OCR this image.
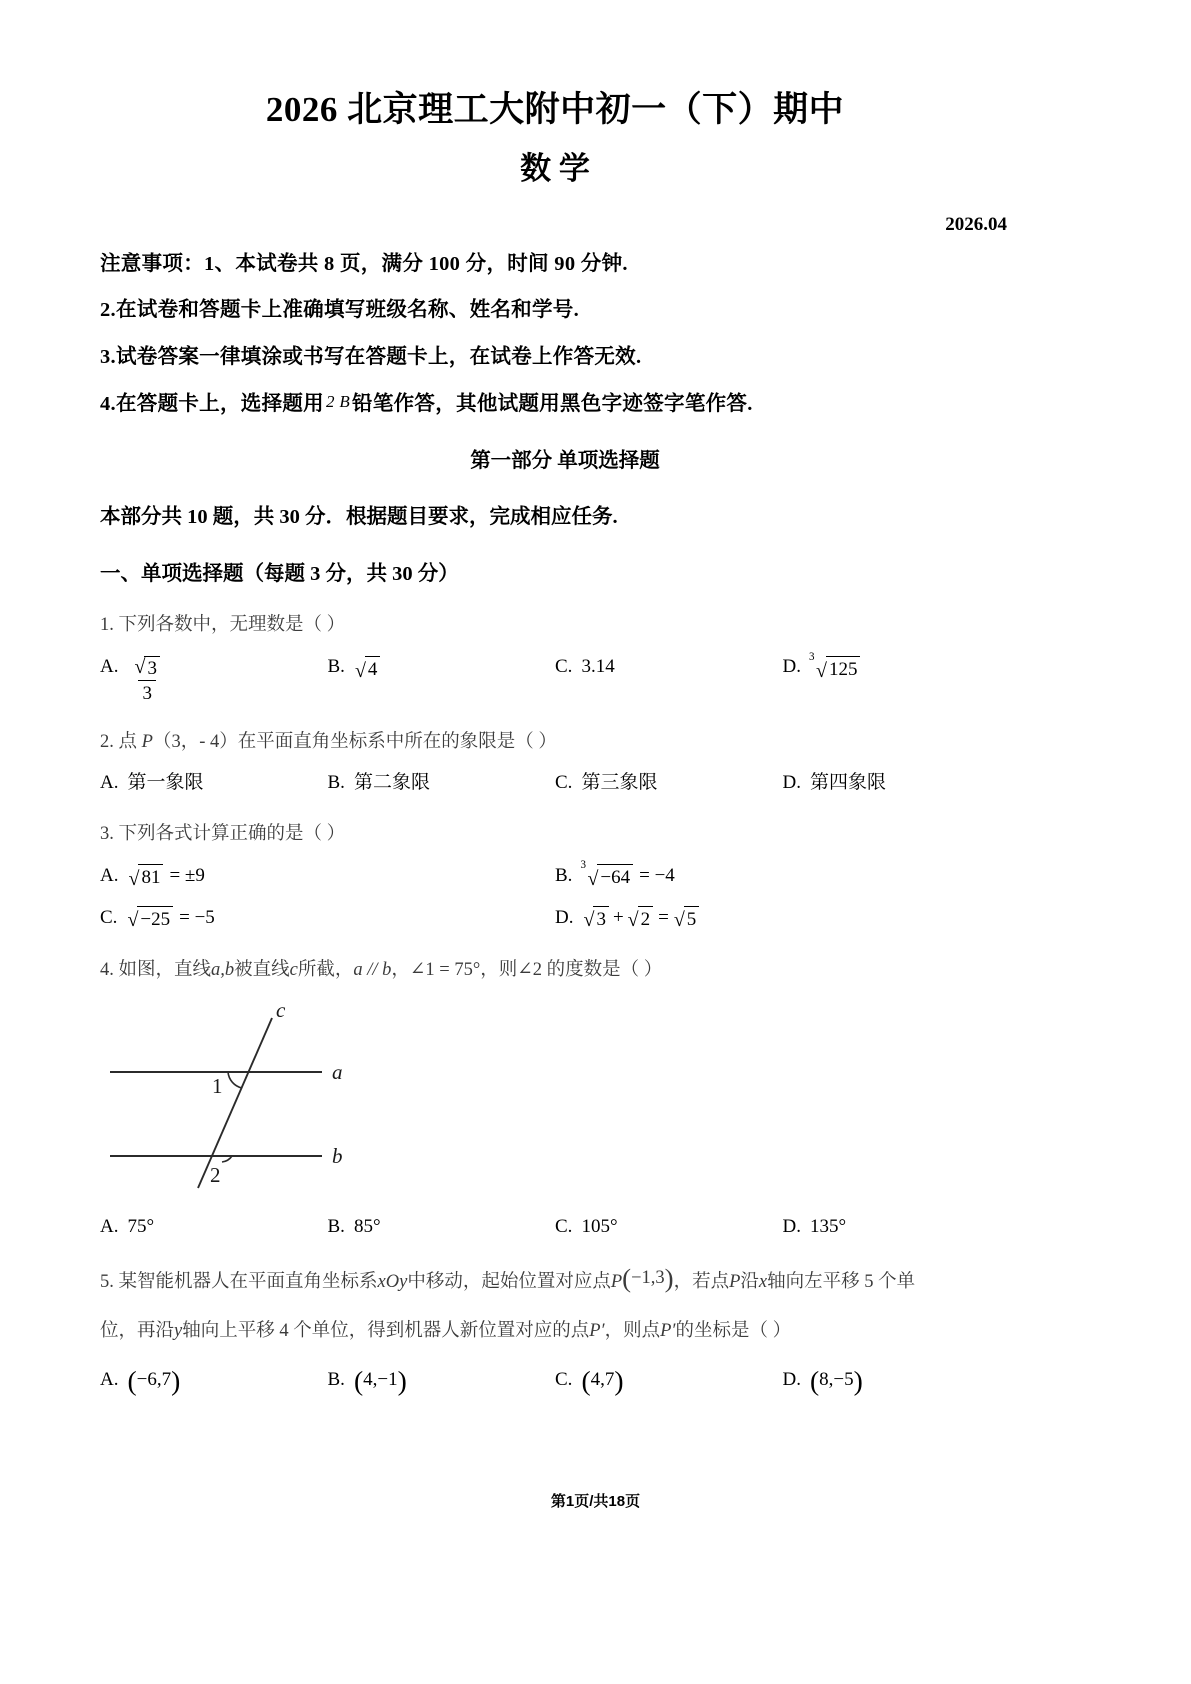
2026 北京理工大附中初一（下）期中
数 学
2026.04

注意事项：1、本试卷共 8 页，满分 100 分，时间 90 分钟.

2.在试卷和答题卡上准确填写班级名称、姓名和学号.

3.试卷答案一律填涂或书写在答题卡上，在试卷上作答无效.

4.在答题卡上，选择题用 2 B铅笔作答，其他试题用黑色字迹签字笔作答.

第一部分 单项选择题

本部分共 10 题，共 30 分．根据题目要求，完成相应任务.

一、单项选择题（每题 3 分，共 30 分）

1. 下列各数中，无理数是（ ）

A. $\frac{√ 3}{3}$	B. √ 4	C. 3.14	D. 3
√ 125

2. 点 P（3，- 4）在平面直角坐标系中所在的象限是（ ）

A. 第一象限	B. 第二象限	C. 第三象限	D. 第四象限

3. 下列各式计算正确的是（ ）

A. √ 81 = ±9	B.
3
√ −64 = −4
C. √ −25 = −5	D. √ 3 + √ 2 = √ 5

4. 如图，直线a,b被直线c所截，a // b，∠1 = 75°，则∠2 的度数是（ ）

a
b
c
1
2
A. 75°	B. 85°	C. 105°	D. 135°

5. 某智能机器人在平面直角坐标系xOy中移动，起始位置对应点P ( −1,3 ) ，若点P沿x轴向左平移 5 个单

位，再沿y轴向上平移 4 个单位，得到机器人新位置对应的点P′，则点P′的坐标是（ ）

A. ( −6,7 )	B. ( 4,−1 )	C. ( 4,7 )	D. ( 8,−5 )
第1页/共18页
